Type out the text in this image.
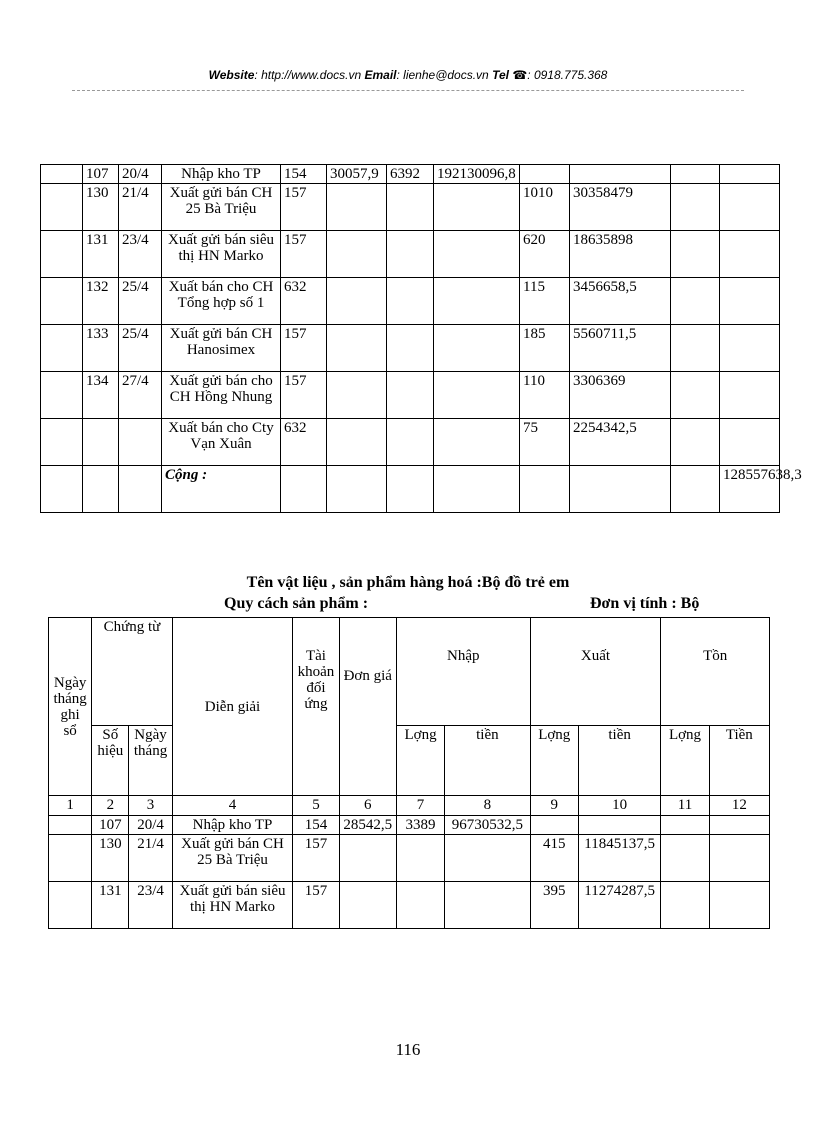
Website: http://www.docs.vn Email: lienhe@docs.vn Tel ☎: 0918.775.368
	107	20/4	Nhập kho TP	154	30057,9	6392	192130096,8				
	130	21/4	Xuất gửi bán CH 25 Bà Triệu	157				1010	30358479		
	131	23/4	Xuất gửi bán siêu thị HN Marko	157				620	18635898		
	132	25/4	Xuất bán cho CH Tổng hợp số 1	632				115	3456658,5		
	133	25/4	Xuất gửi bán CH Hanosimex	157				185	5560711,5		
	134	27/4	Xuất gửi bán cho CH Hồng Nhung	157				110	3306369		
			Xuất bán cho Cty Vạn Xuân	632				75	2254342,5		
			Cộng :								128557638,3
Tên vật liệu , sản phẩm hàng hoá :Bộ đồ trẻ em
Quy cách sản phẩm :	Đơn vị tính : Bộ
Ngày tháng ghi sổ	Chứng từ		Diễn giải	Tài khoản đối ứng	Đơn giá	Nhập		Xuất		Tồn	
	Số hiệu	Ngày tháng				Lợng	tiền	Lợng	tiền	Lợng	Tiền
1	2	3	4	5	6	7	8	9	10	11	12
	107	20/4	Nhập kho TP	154	28542,5	3389	96730532,5				
	130	21/4	Xuất gửi bán CH 25 Bà Triệu	157				415	11845137,5		
	131	23/4	Xuất gửi bán siêu thị HN Marko	157				395	11274287,5		
116
